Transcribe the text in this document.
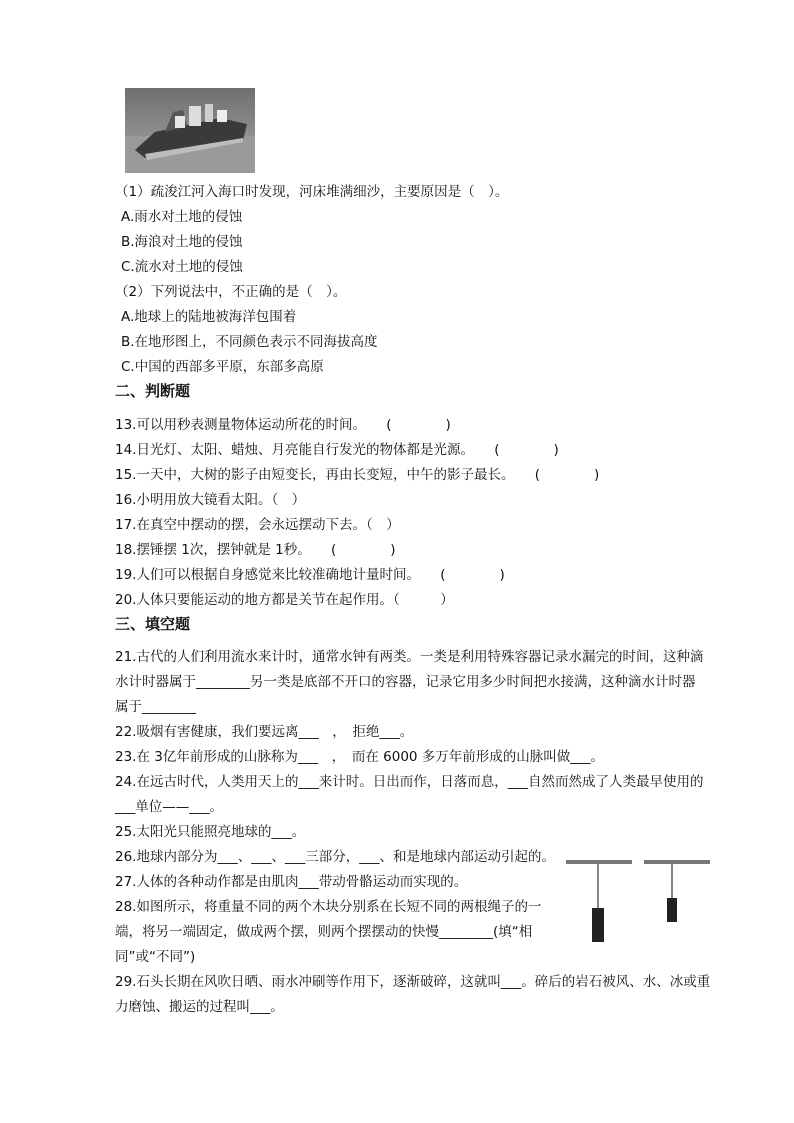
（1）疏浚江河入海口时发现，河床堆满细沙，主要原因是（　）。
A.雨水对土地的侵蚀
B.海浪对土地的侵蚀
C.流水对土地的侵蚀
（2）下列说法中，不正确的是（　）。
A.地球上的陆地被海洋包围着
B.在地形图上，不同颜色表示不同海拔高度
C.中国的西部多平原，东部多高原
二、判断题
13.可以用秒表测量物体运动所花的时间。　　(　　　　)
14.日光灯、太阳、蜡烛、月亮能自行发光的物体都是光源。　　(　　　　)
15.一天中，大树的影子由短变长，再由长变短，中午的影子最长。　　(　　　　)
16.小明用放大镜看太阳。（　）
17.在真空中摆动的摆，会永远摆动下去。（　）
18.摆锤摆 1次，摆钟就是 1秒。　　(　　　　)
19.人们可以根据自身感觉来比较准确地计量时间。　　(　　　　)
20.人体只要能运动的地方都是关节在起作用。（　　　）
三、填空题
21.古代的人们利用流水来计时，通常水钟有两类。一类是利用特殊容器记录水漏完的时间，这种滴
水计时器属于________另一类是底部不开口的容器，记录它用多少时间把水接满，这种滴水计时器
属于________
22.吸烟有害健康，我们要远离___　，　拒绝___。
23.在 3亿年前形成的山脉称为___　，　而在 6000 多万年前形成的山脉叫做___。
24.在远古时代，人类用天上的___来计时。日出而作，日落而息，___自然而然成了人类最早使用的
___单位——___。
25.太阳光只能照亮地球的___。
26.地球内部分为___、___、___三部分，___、和是地球内部运动引起的。
27.人体的各种动作都是由肌肉___带动骨骼运动而实现的。
28.如图所示，将重量不同的两个木块分别系在长短不同的两根绳子的一
端，将另一端固定，做成两个摆，则两个摆摆动的快慢________(填“相
同”或“不同”)
29.石头长期在风吹日晒、雨水冲刷等作用下，逐渐破碎，这就叫___。碎后的岩石被风、水、冰或重
力磨蚀、搬运的过程叫___。
